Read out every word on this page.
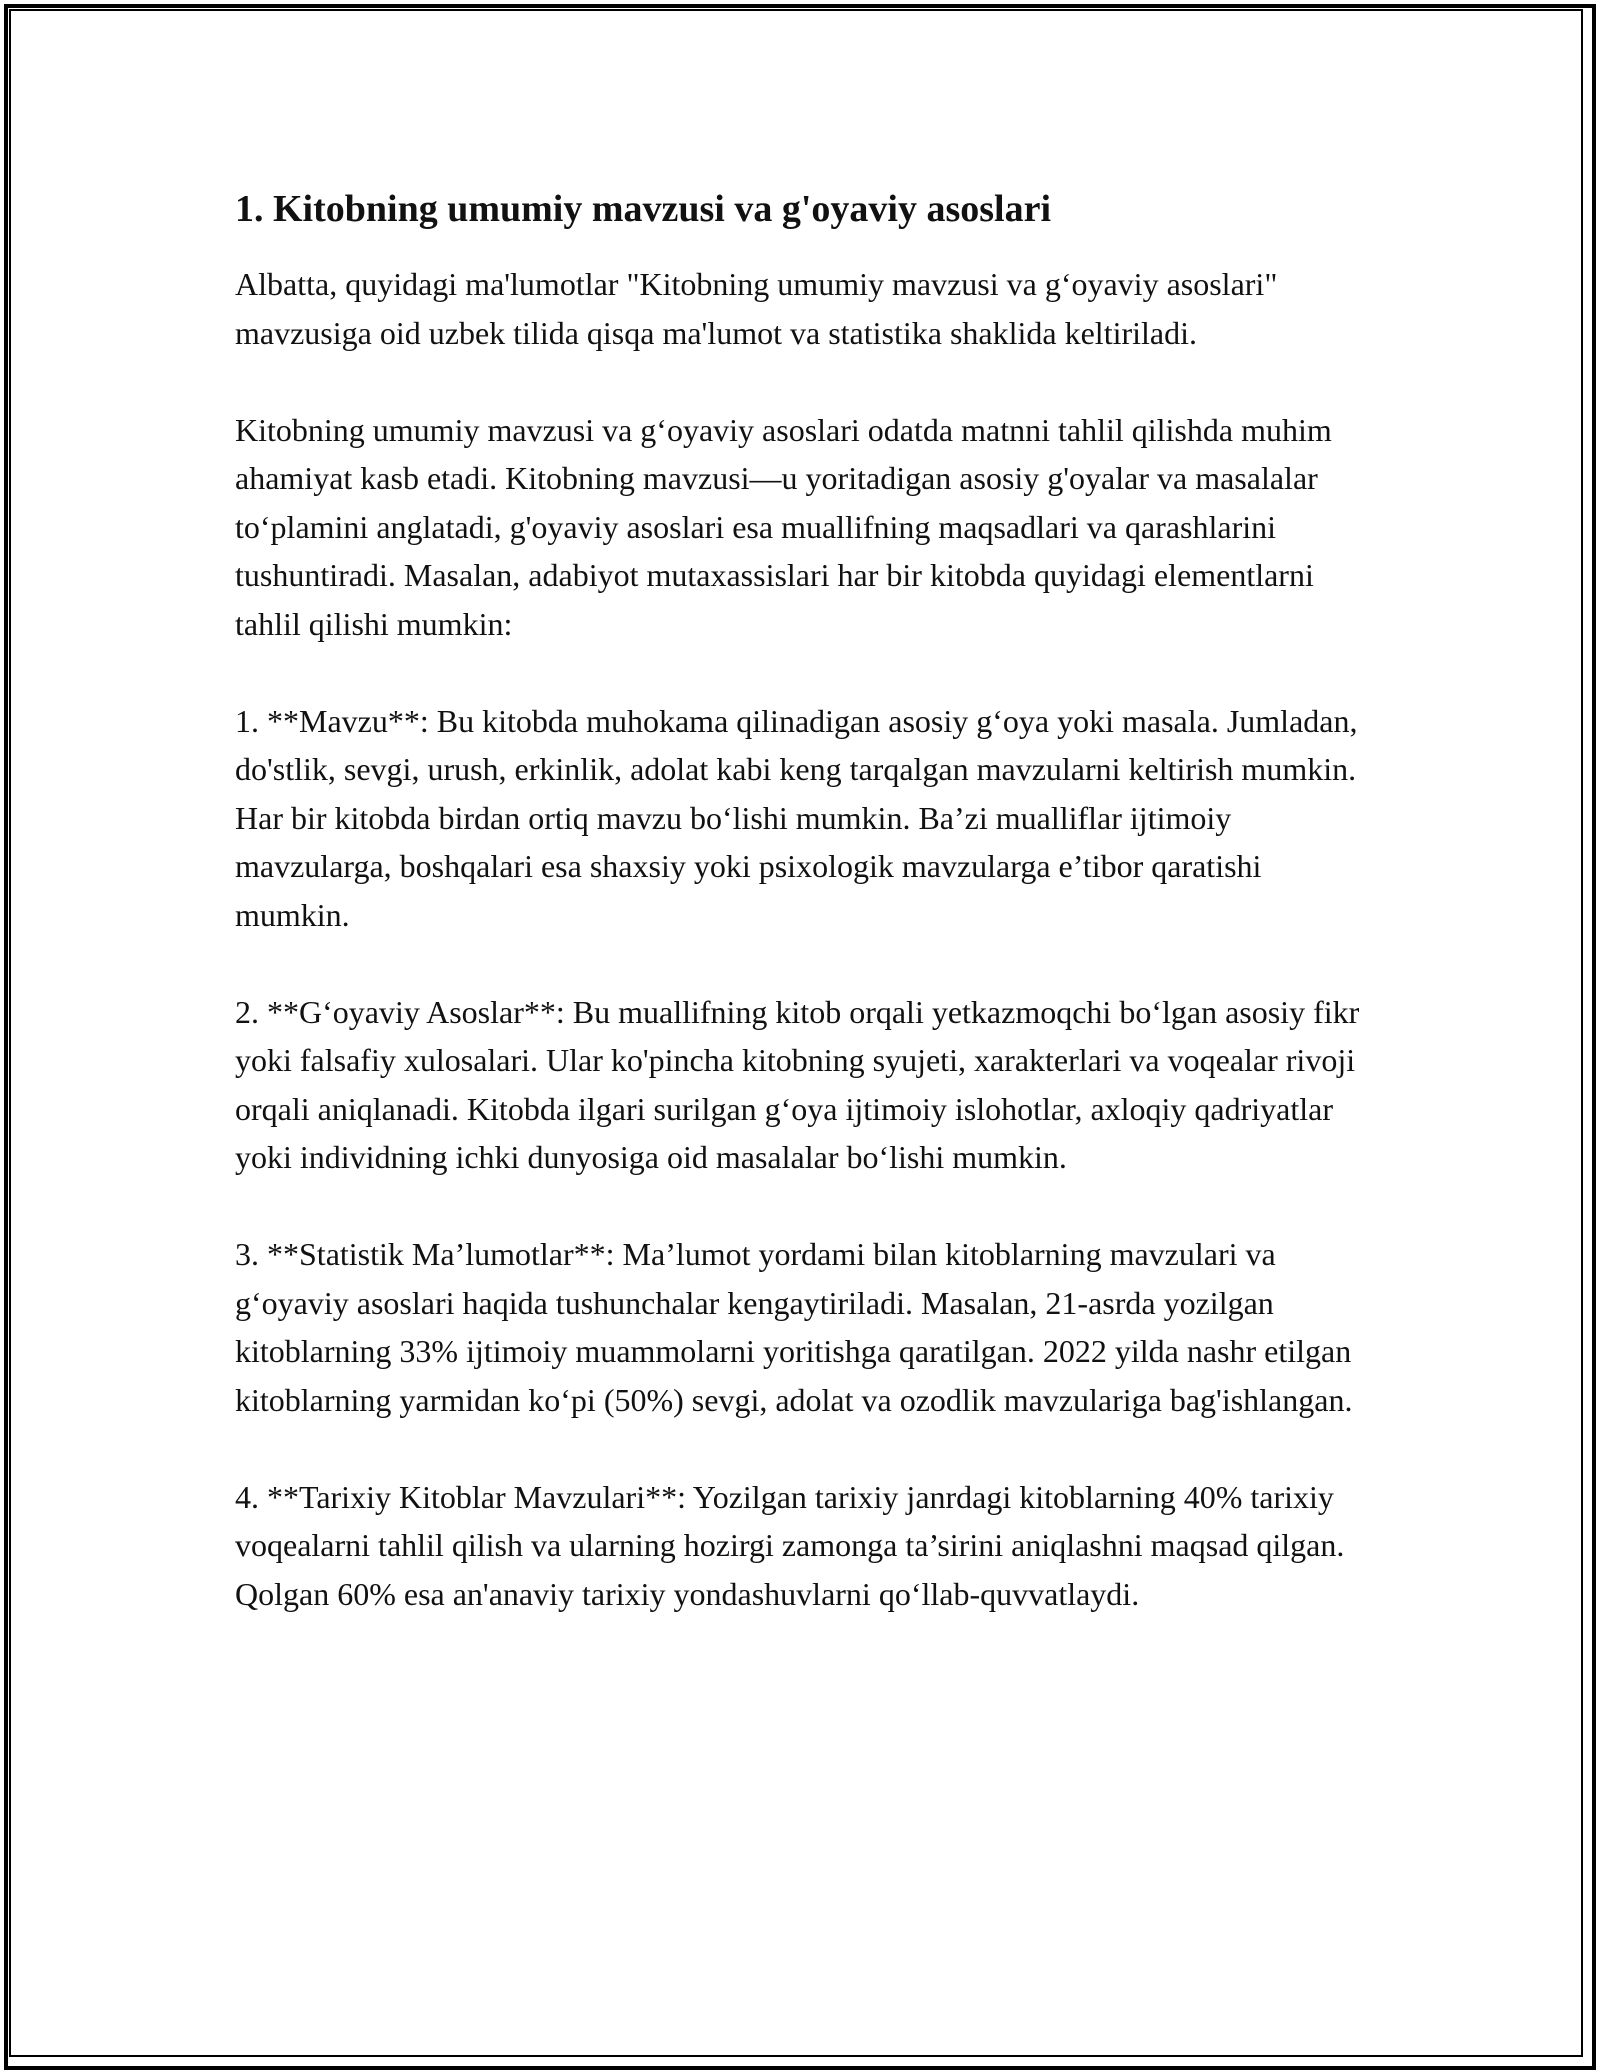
1. Kitobning umumiy mavzusi va g'oyaviy asoslari

Albatta, quyidagi ma'lumotlar "Kitobning umumiy mavzusi va g‘oyaviy asoslari" mavzusiga oid uzbek tilida qisqa ma'lumot va statistika shaklida keltiriladi.

Kitobning umumiy mavzusi va g‘oyaviy asoslari odatda matnni tahlil qilishda muhim ahamiyat kasb etadi. Kitobning mavzusi—u yoritadigan asosiy g'oyalar va masalalar to‘plamini anglatadi, g'oyaviy asoslari esa muallifning maqsadlari va qarashlarini tushuntiradi. Masalan, adabiyot mutaxassislari har bir kitobda quyidagi elementlarni tahlil qilishi mumkin:

1. **Mavzu**: Bu kitobda muhokama qilinadigan asosiy g‘oya yoki masala. Jumladan, do'stlik, sevgi, urush, erkinlik, adolat kabi keng tarqalgan mavzularni keltirish mumkin. Har bir kitobda birdan ortiq mavzu bo‘lishi mumkin. Ba’zi mualliflar ijtimoiy mavzularga, boshqalari esa shaxsiy yoki psixologik mavzularga e’tibor qaratishi mumkin.

2. **G‘oyaviy Asoslar**: Bu muallifning kitob orqali yetkazmoqchi bo‘lgan asosiy fikr yoki falsafiy xulosalari. Ular ko'pincha kitobning syujeti, xarakterlari va voqealar rivoji orqali aniqlanadi. Kitobda ilgari surilgan g‘oya ijtimoiy islohotlar, axloqiy qadriyatlar yoki individning ichki dunyosiga oid masalalar bo‘lishi mumkin.

3. **Statistik Ma’lumotlar**: Ma’lumot yordami bilan kitoblarning mavzulari va g‘oyaviy asoslari haqida tushunchalar kengaytiriladi. Masalan, 21-asrda yozilgan kitoblarning 33% ijtimoiy muammolarni yoritishga qaratilgan. 2022 yilda nashr etilgan kitoblarning yarmidan ko‘pi (50%) sevgi, adolat va ozodlik mavzulariga bag'ishlangan.

4. **Tarixiy Kitoblar Mavzulari**: Yozilgan tarixiy janrdagi kitoblarning 40% tarixiy voqealarni tahlil qilish va ularning hozirgi zamonga ta’sirini aniqlashni maqsad qilgan. Qolgan 60% esa an'anaviy tarixiy yondashuvlarni qo‘llab-quvvatlaydi.
